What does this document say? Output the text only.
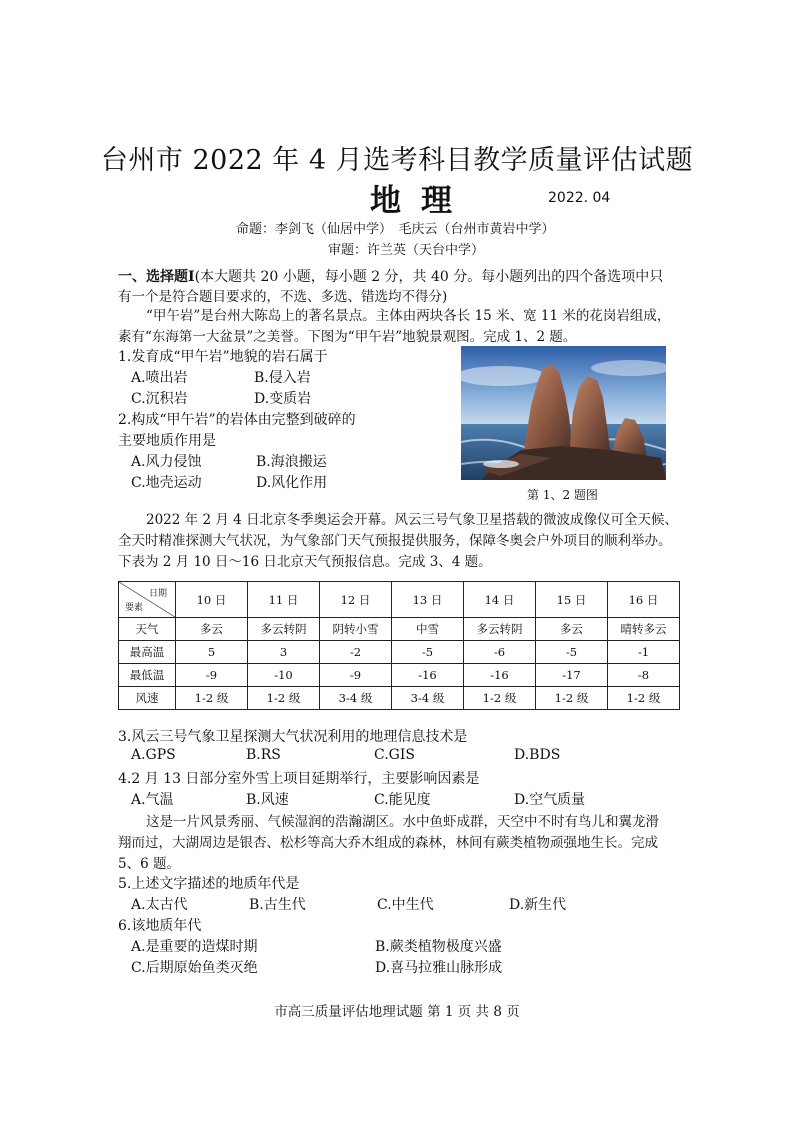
台州市 2022 年 4 月选考科目教学质量评估试题
地理	2022. 04
命题：李剑飞（仙居中学）　毛庆云（台州市黄岩中学）
审题：许兰英（天台中学）
一、选择题Ⅰ(本大题共 20 小题，每小题 2 分，共 40 分。每小题列出的四个备选项中只
有一个是符合题目要求的，不选、多选、错选均不得分)
“甲午岩”是台州大陈岛上的著名景点。主体由两块各长 15 米、宽 11 米的花岗岩组成，
素有“东海第一大盆景”之美誉。下图为“甲午岩”地貌景观图。完成 1、2 题。
1.发育成“甲午岩”地貌的岩石属于
A.喷出岩	B.侵入岩
C.沉积岩	D.变质岩
2.构成“甲午岩”的岩体由完整到破碎的
主要地质作用是
A.风力侵蚀	B.海浪搬运
C.地壳运动	D.风化作用
第 1、2 题图
2022 年 2 月 4 日北京冬季奥运会开幕。风云三号气象卫星搭载的微波成像仪可全天候、
全天时精准探测大气状况，为气象部门天气预报提供服务，保障冬奥会户外项目的顺利举办。
下表为 2 月 10 日～16 日北京天气预报信息。完成 3、4 题。
日期
要素	10 日	11 日	12 日	13 日	14 日	15 日	16 日
天气	多云	多云转阴	阴转小雪	中雪	多云转阴	多云	晴转多云
最高温	5	3	-2	-5	-6	-5	-1
最低温	-9	-10	-9	-16	-16	-17	-8
风速	1-2 级	1-2 级	3-4 级	3-4 级	1-2 级	1-2 级	1-2 级
3.风云三号气象卫星探测大气状况利用的地理信息技术是
A.GPS	B.RS	C.GIS	D.BDS
4.2 月 13 日部分室外雪上项目延期举行，主要影响因素是
A.气温	B.风速	C.能见度	D.空气质量
这是一片风景秀丽、气候湿润的浩瀚湖区。水中鱼虾成群，天空中不时有鸟儿和翼龙滑
翔而过，大湖周边是银杏、松杉等高大乔木组成的森林，林间有蕨类植物顽强地生长。完成
5、6 题。
5.上述文字描述的地质年代是
A.太古代	B.古生代	C.中生代	D.新生代
6.该地质年代
A.是重要的造煤时期	B.蕨类植物极度兴盛
C.后期原始鱼类灭绝	D.喜马拉雅山脉形成
市高三质量评估地理试题 第 1 页 共 8 页
